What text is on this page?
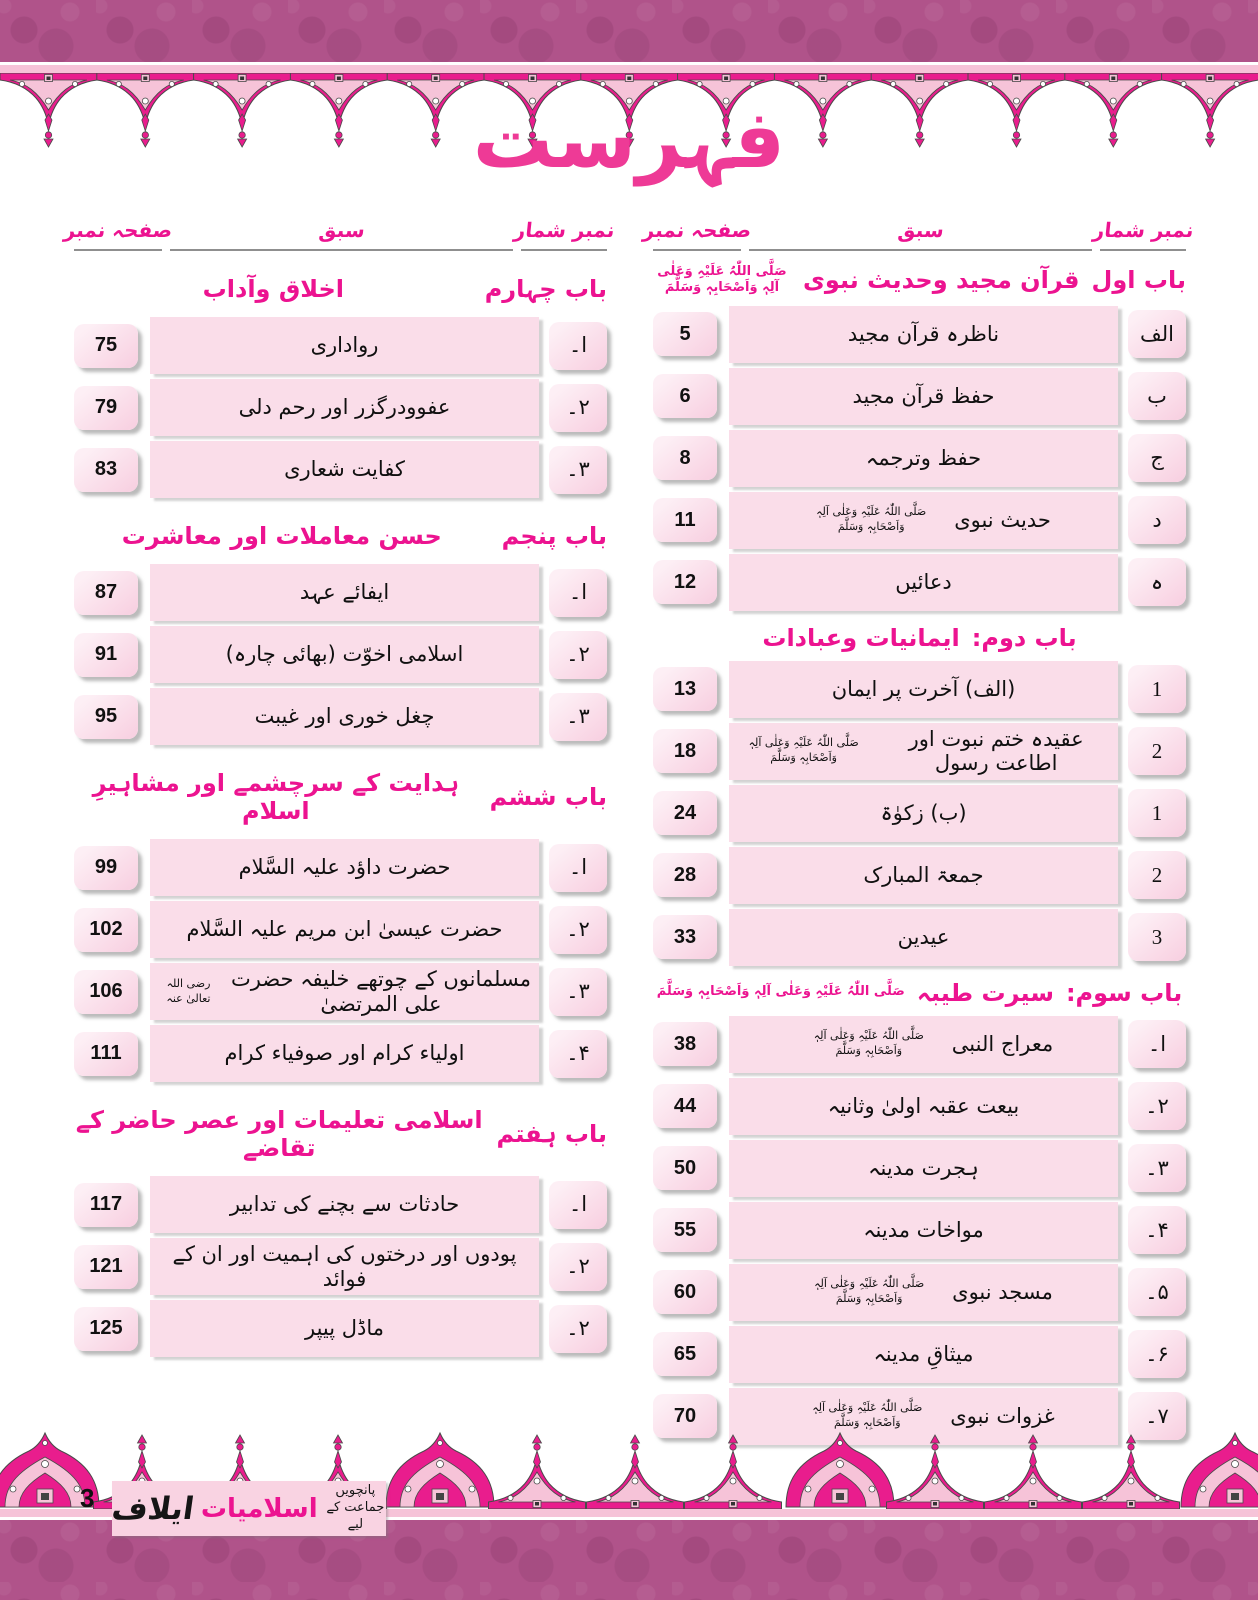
فہرست
نمبر شمار
سبق
صفحہ نمبر
باب اول
قرآن مجید وحدیث نبوی
صَلَّی اللّٰہُ عَلَیْہِ وَعَلٰی آلِہٖ وَاَصْحَابِہٖ وَسَلَّمَ
الف
ناظرہ قرآن مجید
5
ب
حفظ قرآن مجید
6
ج
حفظ وترجمہ
8
د
حدیث نبوی
صَلَّی اللّٰہُ عَلَیْہِ وَعَلٰی آلِہٖ وَاَصْحَابِہٖ وَسَلَّمَ
11
ہ
دعائیں
12
باب دوم:
ایمانیات وعبادات
1
(الف) آخرت پر ایمان
13
2
عقیدہ ختم نبوت اور اطاعت رسول
صَلَّی اللّٰہُ عَلَیْہِ وَعَلٰی آلِہٖ وَاَصْحَابِہٖ وَسَلَّمَ
18
1
(ب) زکوٰۃ
24
2
جمعۃ المبارک
28
3
عیدین
33
باب سوم:
سیرت طیبہ
صَلَّی اللّٰہُ عَلَیْہِ وَعَلٰی آلِہٖ وَاَصْحَابِہٖ وَسَلَّمَ
ا۔
معراج النبی
صَلَّی اللّٰہُ عَلَیْہِ وَعَلٰی آلِہٖ وَاَصْحَابِہٖ وَسَلَّمَ
38
۲۔
بیعت عقبہ اولیٰ وثانیہ
44
۳۔
ہجرت مدینہ
50
۴۔
مواخات مدینہ
55
۵۔
مسجد نبوی
صَلَّی اللّٰہُ عَلَیْہِ وَعَلٰی آلِہٖ وَاَصْحَابِہٖ وَسَلَّمَ
60
۶۔
میثاقِ مدینہ
65
۷۔
غزوات نبوی
صَلَّی اللّٰہُ عَلَیْہِ وَعَلٰی آلِہٖ وَاَصْحَابِہٖ وَسَلَّمَ
70
نمبر شمار
سبق
صفحہ نمبر
باب چہارم
اخلاق وآداب
ا۔
رواداری
75
۲۔
عفوودرگزر اور رحم دلی
79
۳۔
کفایت شعاری
83
باب پنجم
حسن معاملات اور معاشرت
ا۔
ایفائے عہد
87
۲۔
اسلامی اخوّت (بھائی چارہ)
91
۳۔
چغل خوری اور غیبت
95
باب ششم
ہدایت کے سرچشمے اور مشاہیرِ اسلام
ا۔
حضرت داؤد علیہ السَّلام
99
۲۔
حضرت عیسیٰ ابن مریم علیہ السَّلام
102
۳۔
مسلمانوں کے چوتھے خلیفہ حضرت علی المرتضیٰ
رضی اللہ تعالیٰ عنہ
106
۴۔
اولیاء کرام اور صوفیاء کرام
111
باب ہفتم
اسلامی تعلیمات اور عصر حاضر کے تقاضے
ا۔
حادثات سے بچنے کی تدابیر
117
۲۔
پودوں اور درختوں کی اہمیت اور ان کے فوائد
121
۲۔
ماڈل پیپر
125
3 ایلاف اسلامیات
پانچویں جماعت کے لیے
